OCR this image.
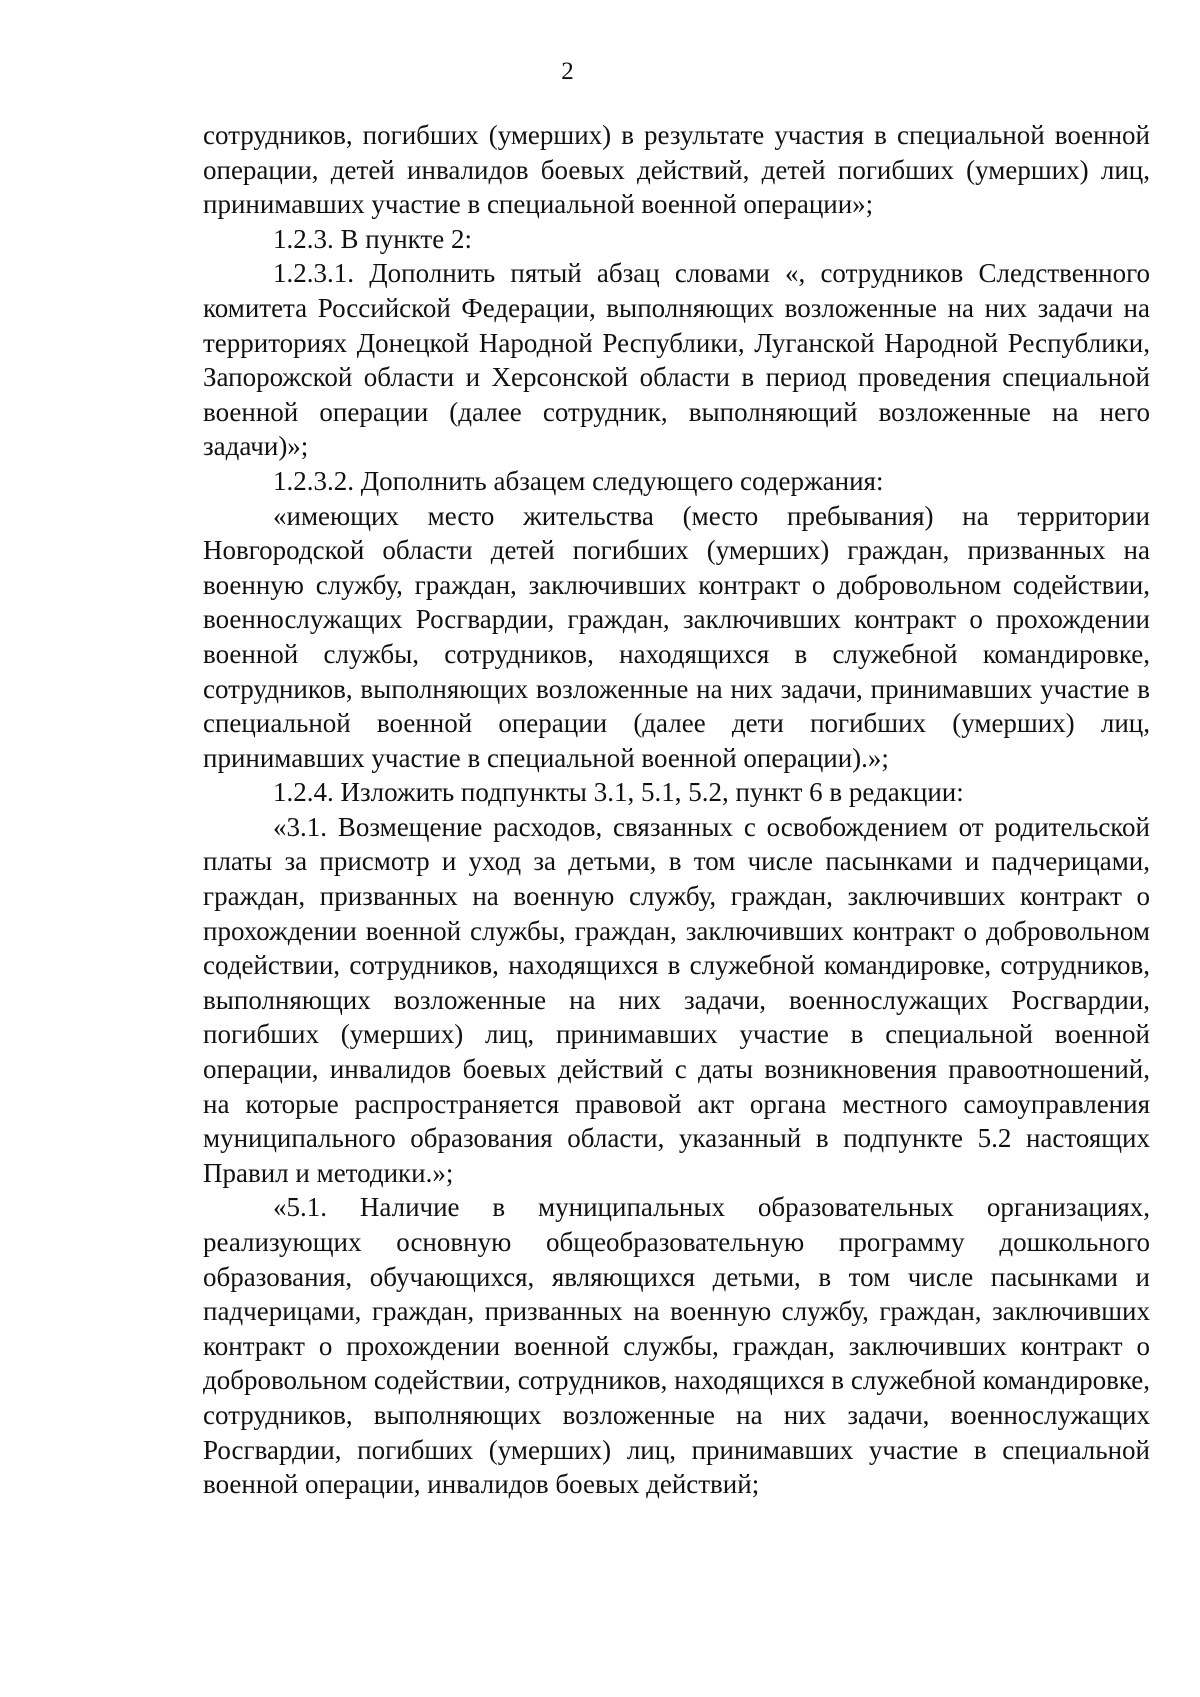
2

сотрудников, погибших (умерших) в результате участия в специальной военной операции, детей инвалидов боевых действий, детей погибших (умерших) лиц, принимавших участие в специальной военной операции»;

1.2.3. В пункте 2:

1.2.3.1. Дополнить пятый абзац словами «, сотрудников Следственного комитета Российской Федерации, выполняющих возложенные на них задачи на территориях Донецкой Народной Республики, Луганской Народной Республики, Запорожской области и Херсонской области в период проведения специальной военной операции (далее сотрудник, выполняющий возложенные на него задачи)»;

1.2.3.2. Дополнить абзацем следующего содержания:

«имеющих место жительства (место пребывания) на территории Новгородской области детей погибших (умерших) граждан, призванных на военную службу, граждан, заключивших контракт о добровольном содействии, военнослужащих Росгвардии, граждан, заключивших контракт о прохождении военной службы, сотрудников, находящихся в служебной командировке, сотрудников, выполняющих возложенные на них задачи, принимавших участие в специальной военной операции (далее дети погибших (умерших) лиц, принимавших участие в специальной военной операции).»;

1.2.4. Изложить подпункты 3.1, 5.1, 5.2, пункт 6 в редакции:

«3.1. Возмещение расходов, связанных с освобождением от родительской платы за присмотр и уход за детьми, в том числе пасынками и падчерицами, граждан, призванных на военную службу, граждан, заключивших контракт о прохождении военной службы, граждан, заключивших контракт о добровольном содействии, сотрудников, находящихся в служебной командировке, сотрудников, выполняющих возложенные на них задачи, военнослужащих Росгвардии, погибших (умерших) лиц, принимавших участие в специальной военной операции, инвалидов боевых действий с даты возникновения правоотношений, на которые распространяется правовой акт органа местного самоуправления муниципального образования области, указанный в подпункте 5.2 настоящих Правил и методики.»;

«5.1. Наличие в муниципальных образовательных организациях, реализующих основную общеобразовательную программу дошкольного образования, обучающихся, являющихся детьми, в том числе пасынками и падчерицами, граждан, призванных на военную службу, граждан, заключивших контракт о прохождении военной службы, граждан, заключивших контракт о добровольном содействии, сотрудников, находящихся в служебной командировке, сотрудников, выполняющих возложенные на них задачи, военнослужащих Росгвардии, погибших (умерших) лиц, принимавших участие в специальной военной операции, инвалидов боевых действий;
